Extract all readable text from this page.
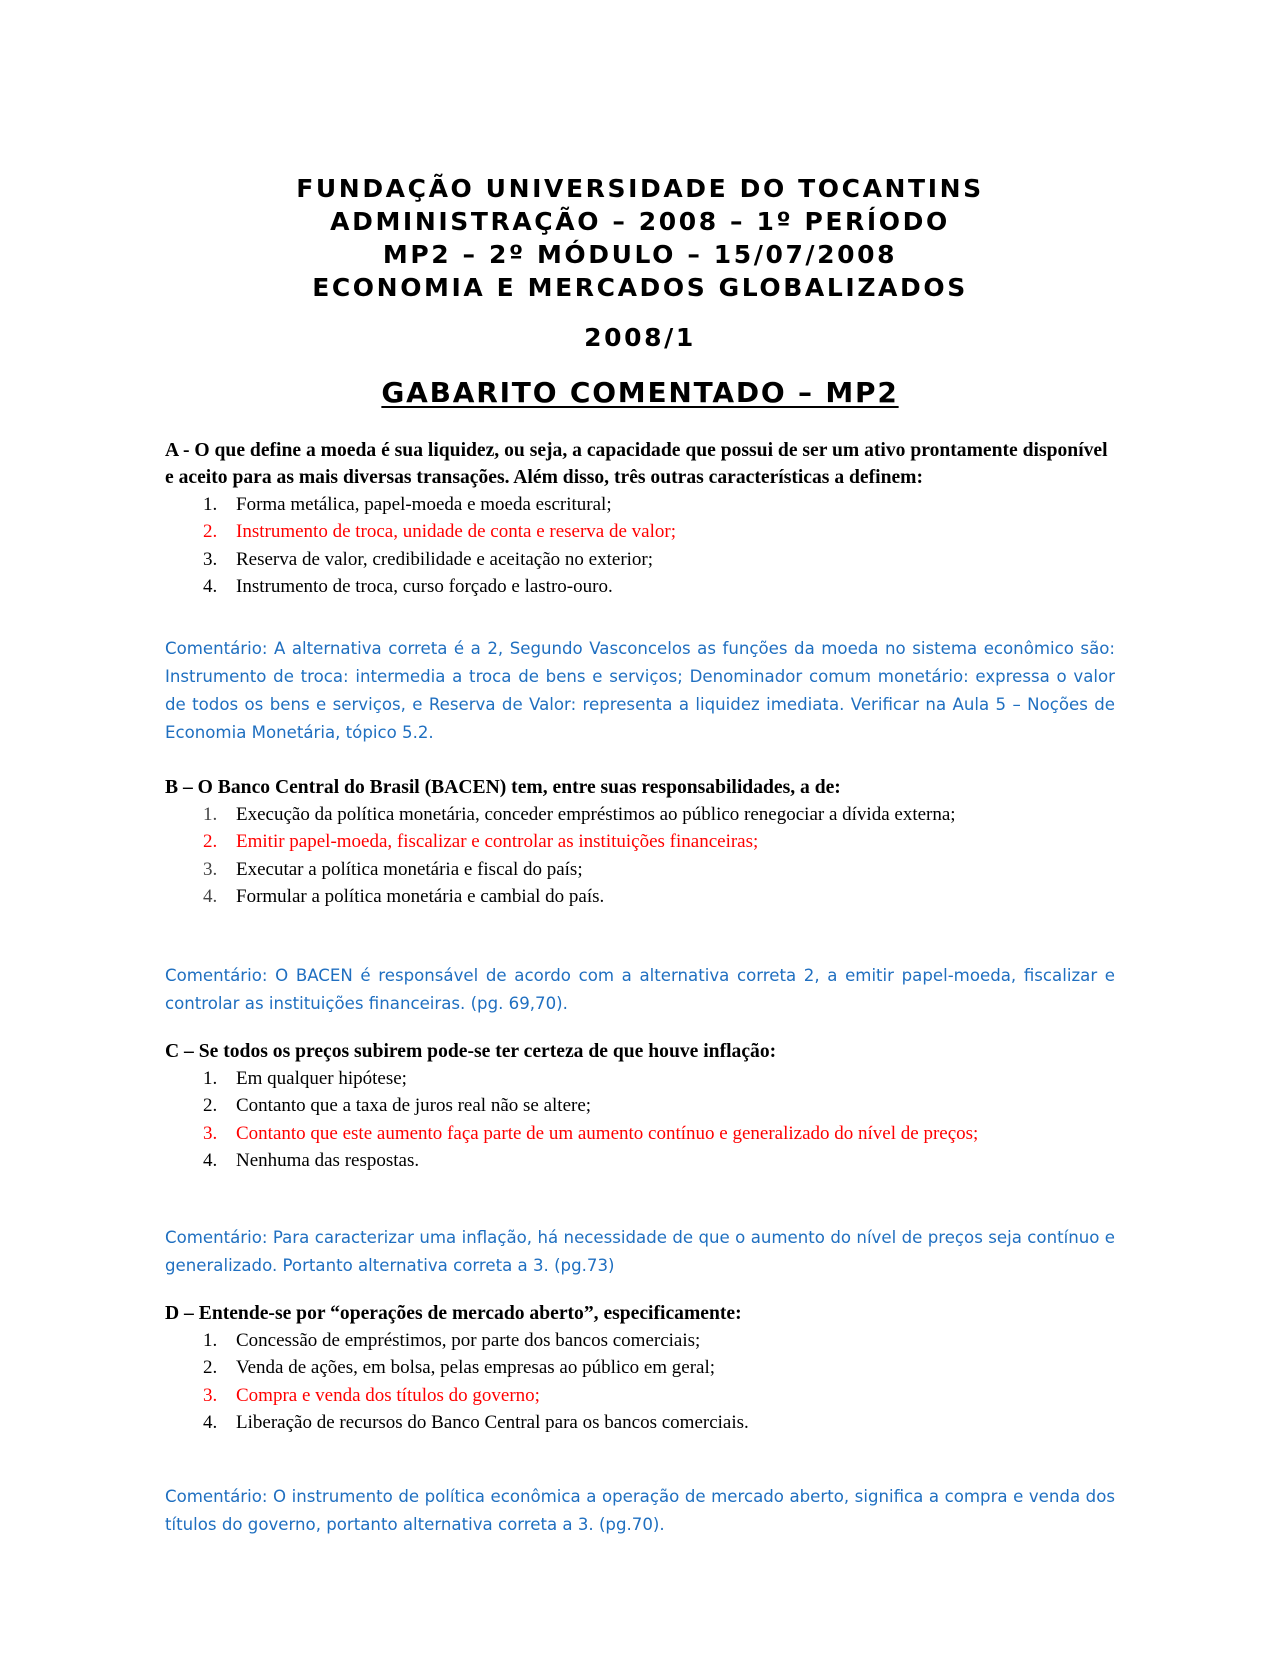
FUNDAÇÃO UNIVERSIDADE DO TOCANTINS
ADMINISTRAÇÃO – 2008 – 1º PERÍODO
MP2 – 2º MÓDULO – 15/07/2008
ECONOMIA E MERCADOS GLOBALIZADOS
2008/1
GABARITO COMENTADO – MP2

A - O que define a moeda é sua liquidez, ou seja, a capacidade que possui de ser um ativo prontamente disponível e aceito para as mais diversas transações. Além disso, três outras características a definem:

1. Forma metálica, papel-moeda e moeda escritural;
2. Instrumento de troca, unidade de conta e reserva de valor;
3. Reserva de valor, credibilidade e aceitação no exterior;
4. Instrumento de troca, curso forçado e lastro-ouro.

Comentário: A alternativa correta é a 2, Segundo Vasconcelos as funções da moeda no sistema econômico são: Instrumento de troca: intermedia a troca de bens e serviços; Denominador comum monetário: expressa o valor de todos os bens e serviços, e Reserva de Valor: representa a liquidez imediata. Verificar na Aula 5 – Noções de Economia Monetária, tópico 5.2.

B – O Banco Central do Brasil (BACEN) tem, entre suas responsabilidades, a de:

1. Execução da política monetária, conceder empréstimos ao público renegociar a dívida externa;
2. Emitir papel-moeda, fiscalizar e controlar as instituições financeiras;
3. Executar a política monetária e fiscal do país;
4. Formular a política monetária e cambial do país.

Comentário: O BACEN é responsável de acordo com a alternativa correta 2, a emitir papel-moeda, fiscalizar e controlar as instituições financeiras. (pg. 69,70).

C – Se todos os preços subirem pode-se ter certeza de que houve inflação:

1. Em qualquer hipótese;
2. Contanto que a taxa de juros real não se altere;
3. Contanto que este aumento faça parte de um aumento contínuo e generalizado do nível de preços;
4. Nenhuma das respostas.

Comentário: Para caracterizar uma inflação, há necessidade de que o aumento do nível de preços seja contínuo e generalizado. Portanto alternativa correta a 3. (pg.73)

D – Entende-se por “operações de mercado aberto”, especificamente:

1. Concessão de empréstimos, por parte dos bancos comerciais;
2. Venda de ações, em bolsa, pelas empresas ao público em geral;
3. Compra e venda dos títulos do governo;
4. Liberação de recursos do Banco Central para os bancos comerciais.

Comentário: O instrumento de política econômica a operação de mercado aberto, significa a compra e venda dos títulos do governo, portanto alternativa correta a 3. (pg.70).
